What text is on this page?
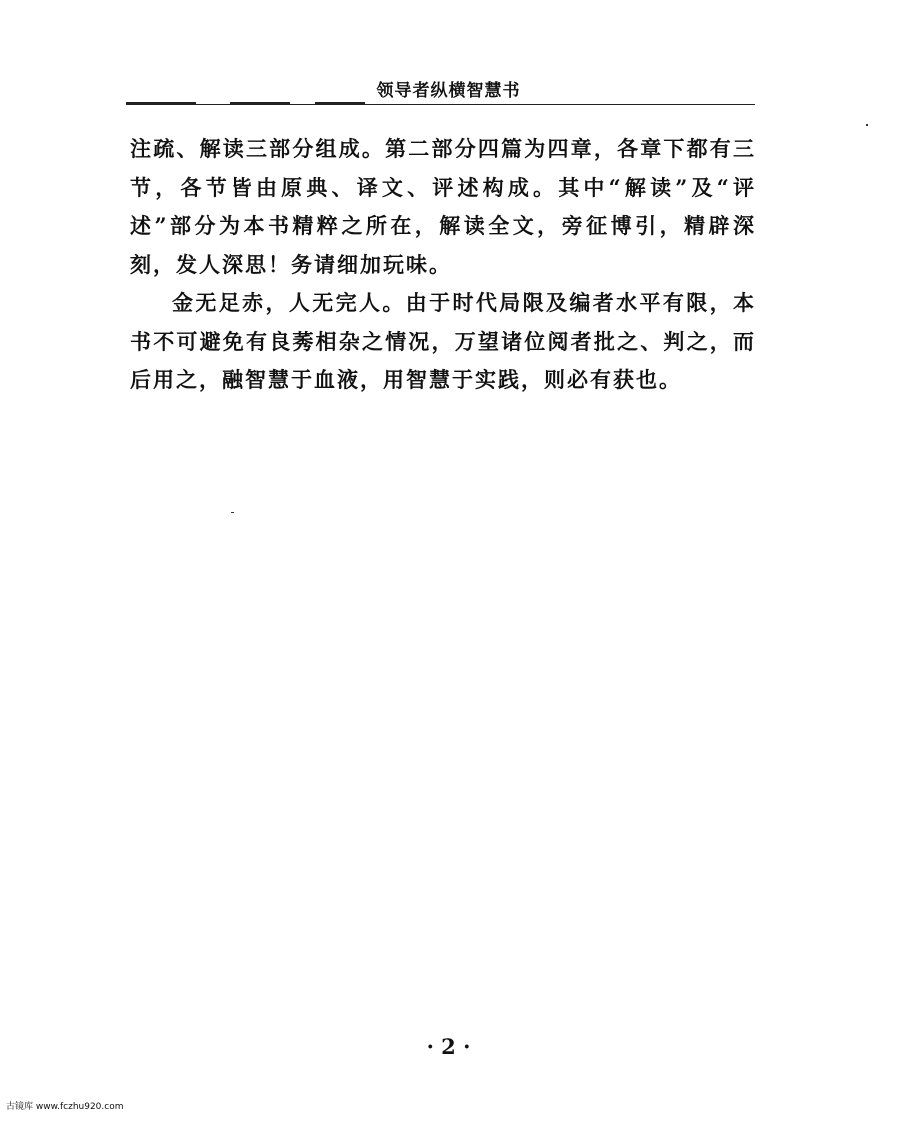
领导者纵横智慧书

注疏、解读三部分组成。第二部分四篇为四章，各章下都有三节，各节皆由原典、译文、评述构成。其中“解读”及“评述”部分为本书精粹之所在，解读全文，旁征博引，精辟深刻，发人深思！务请细加玩味。

金无足赤，人无完人。由于时代局限及编者水平有限，本书不可避免有良莠相杂之情况，万望诸位阅者批之、判之，而后用之，融智慧于血液，用智慧于实践，则必有获也。

· 2 ·
古镜库 www.fczhu920.com
